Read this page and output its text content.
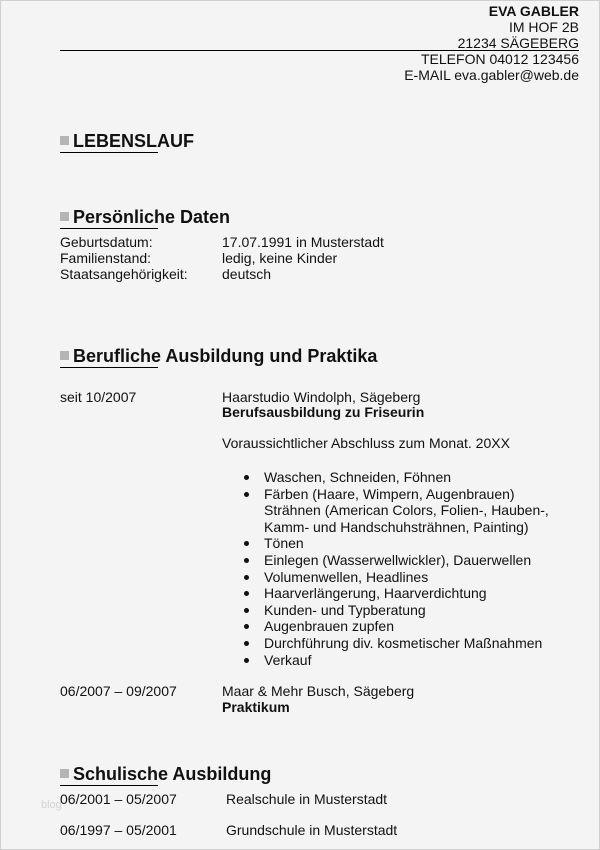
EVA GABLER
IM HOF 2B
21234 SÄGEBERG
TELEFON 04012 123456
E-MAIL eva.gabler@web.de
LEBENSLAUF
Persönliche Daten
Geburtsdatum:	17.07.1991 in Musterstadt
Familienstand:	ledig, keine Kinder
Staatsangehörigkeit: deutsch
Berufliche Ausbildung und Praktika
seit 10/2007	Haarstudio Windolph, Sägeberg
Berufsausbildung zu Friseurin
Voraussichtlicher Abschluss zum Monat. 20XX
Waschen, Schneiden, Föhnen
Färben (Haare, Wimpern, Augenbrauen)
Strähnen (American Colors, Folien-, Hauben-,
Kamm- und Handschuhsträhnen, Painting)
Tönen
Einlegen (Wasserwellwickler), Dauerwellen
Volumenwellen, Headlines
Haarverlängerung, Haarverdichtung
Kunden- und Typberatung
Augenbrauen zupfen
Durchführung div. kosmetischer Maßnahmen
Verkauf
06/2007 – 09/2007	Maar & Mehr Busch, Sägeberg
Praktikum
Schulische Ausbildung
blog
06/2001 – 05/2007	Realschule in Musterstadt
06/1997 – 05/2001	Grundschule in Musterstadt
